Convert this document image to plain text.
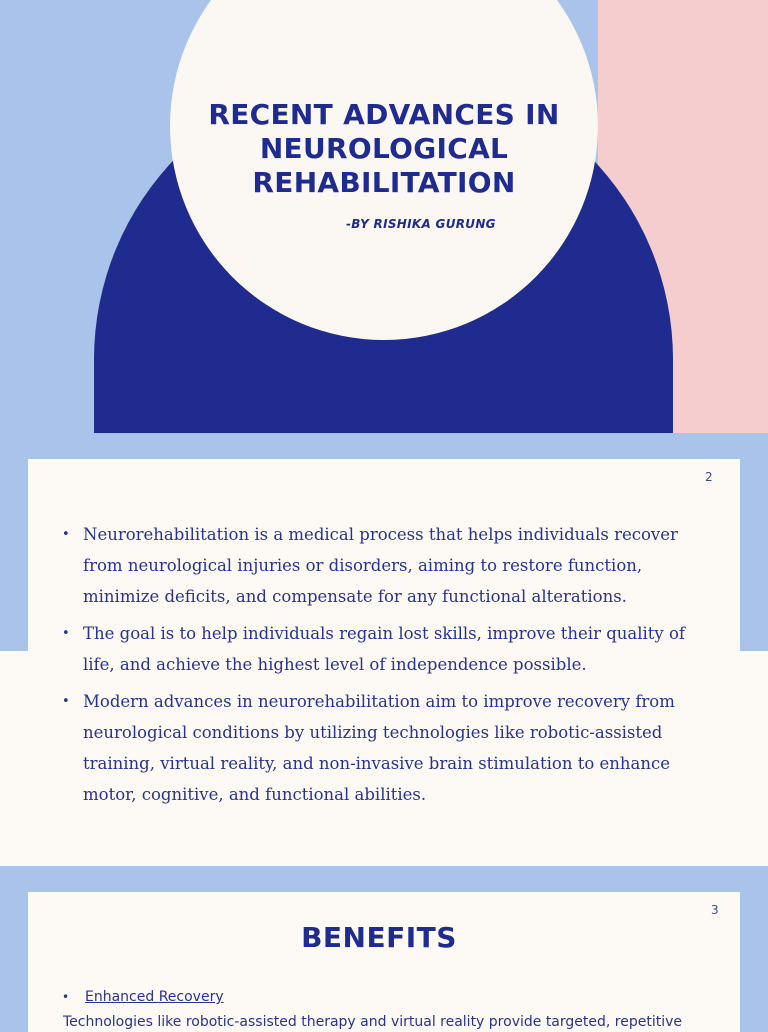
RECENT ADVANCES IN NEUROLOGICAL REHABILITATION
-BY RISHIKA GURUNG
2
• Neurorehabilitation is a medical process that helps individuals recover from neurological injuries or disorders, aiming to restore function, minimize deficits, and compensate for any functional alterations.
• The goal is to help individuals regain lost skills, improve their quality of life, and achieve the highest level of independence possible.
• Modern advances in neurorehabilitation aim to improve recovery from neurological conditions by utilizing technologies like robotic-assisted training, virtual reality, and non-invasive brain stimulation to enhance motor, cognitive, and functional abilities.
3
BENEFITS
• Enhanced Recovery
Technologies like robotic-assisted therapy and virtual reality provide targeted, repetitive
